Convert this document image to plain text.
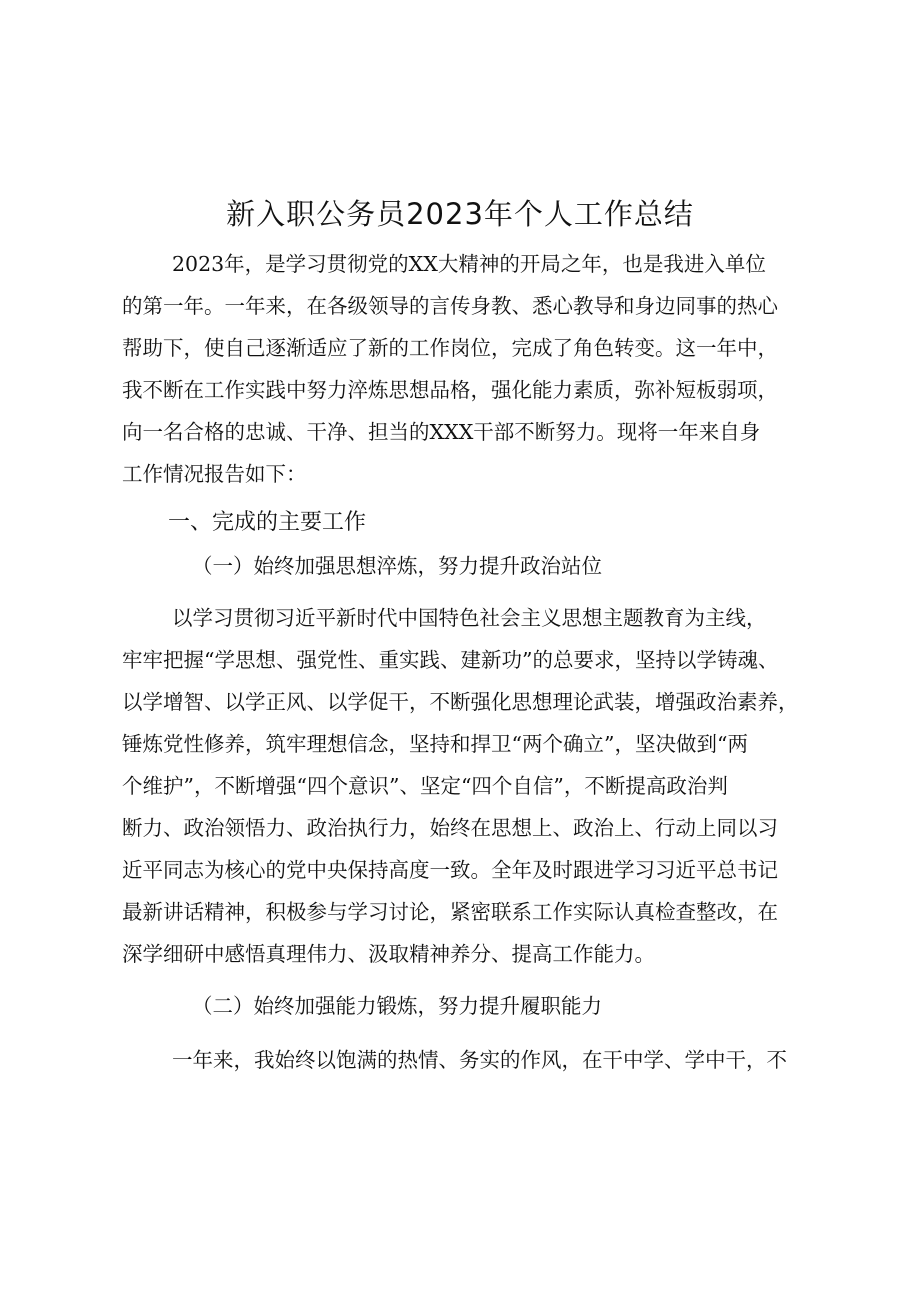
新入职公务员2023年个人工作总结
2023年，是学习贯彻党的XX大精神的开局之年，也是我进入单位
的第一年。一年来，在各级领导的言传身教、悉心教导和身边同事的热心
帮助下，使自己逐渐适应了新的工作岗位，完成了角色转变。这一年中，
我不断在工作实践中努力淬炼思想品格，强化能力素质，弥补短板弱项，
向一名合格的忠诚、干净、担当的XXX干部不断努力。现将一年来自身
工作情况报告如下：
一、完成的主要工作
（一）始终加强思想淬炼，努力提升政治站位
以学习贯彻习近平新时代中国特色社会主义思想主题教育为主线，
牢牢把握“学思想、强党性、重实践、建新功”的总要求，坚持以学铸魂、
以学增智、以学正风、以学促干，不断强化思想理论武装，增强政治素养，
锤炼党性修养，筑牢理想信念，坚持和捍卫“两个确立”，坚决做到“两
个维护”，不断增强“四个意识”、坚定“四个自信”，不断提高政治判
断力、政治领悟力、政治执行力，始终在思想上、政治上、行动上同以习
近平同志为核心的党中央保持高度一致。全年及时跟进学习习近平总书记
最新讲话精神，积极参与学习讨论，紧密联系工作实际认真检查整改，在
深学细研中感悟真理伟力、汲取精神养分、提高工作能力。
（二）始终加强能力锻炼，努力提升履职能力
一年来，我始终以饱满的热情、务实的作风，在干中学、学中干，不
